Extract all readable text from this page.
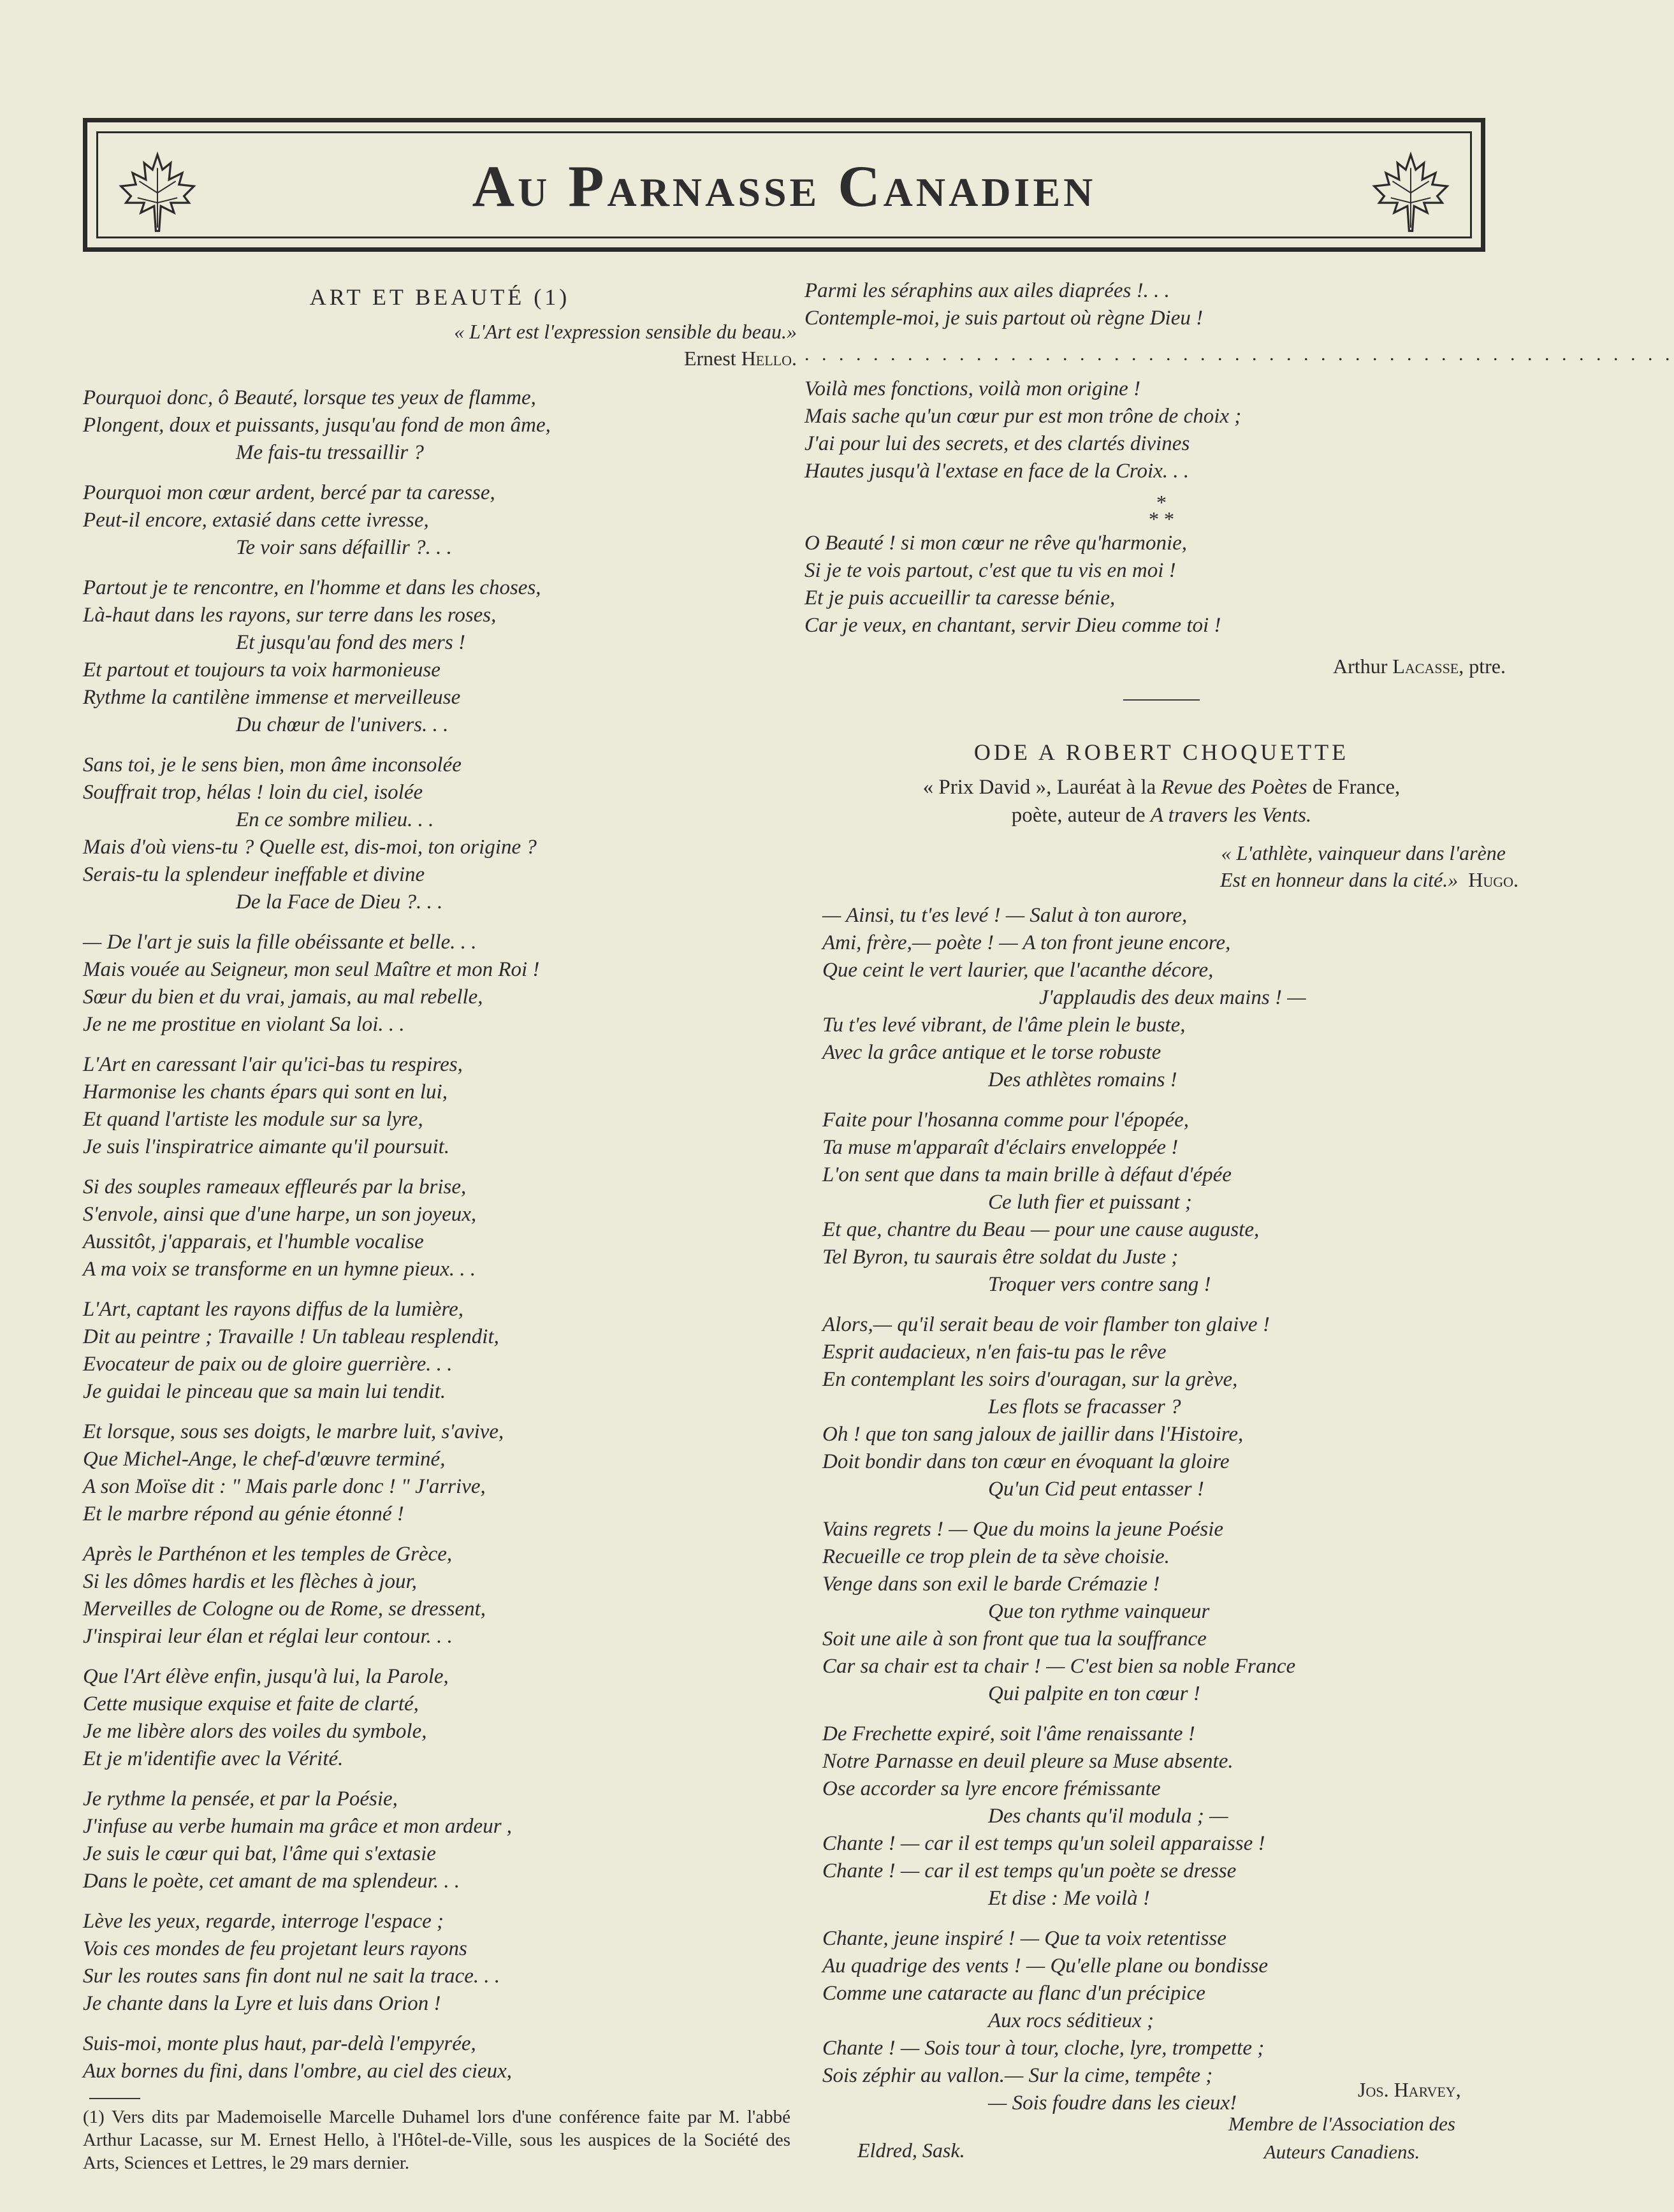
Au Parnasse Canadien
ART ET BEAUTÉ (1)
« L'Art est l'expression sensible du beau.»
Ernest Hello.
Pourquoi donc, ô Beauté, lorsque tes yeux de flamme,
Plongent, doux et puissants, jusqu'au fond de mon âme,
Me fais-tu tressaillir ?
Pourquoi mon cœur ardent, bercé par ta caresse,
Peut-il encore, extasié dans cette ivresse,
Te voir sans défaillir ?. . .
Partout je te rencontre, en l'homme et dans les choses,
Là-haut dans les rayons, sur terre dans les roses,
Et jusqu'au fond des mers !
Et partout et toujours ta voix harmonieuse
Rythme la cantilène immense et merveilleuse
Du chœur de l'univers. . .
Sans toi, je le sens bien, mon âme inconsolée
Souffrait trop, hélas ! loin du ciel, isolée
En ce sombre milieu. . .
Mais d'où viens-tu ? Quelle est, dis-moi, ton origine ?
Serais-tu la splendeur ineffable et divine
De la Face de Dieu ?. . .
— De l'art je suis la fille obéissante et belle. . .
Mais vouée au Seigneur, mon seul Maître et mon Roi !
Sœur du bien et du vrai, jamais, au mal rebelle,
Je ne me prostitue en violant Sa loi. . .
L'Art en caressant l'air qu'ici-bas tu respires,
Harmonise les chants épars qui sont en lui,
Et quand l'artiste les module sur sa lyre,
Je suis l'inspiratrice aimante qu'il poursuit.
Si des souples rameaux effleurés par la brise,
S'envole, ainsi que d'une harpe, un son joyeux,
Aussitôt, j'apparais, et l'humble vocalise
A ma voix se transforme en un hymne pieux. . .
L'Art, captant les rayons diffus de la lumière,
Dit au peintre ; Travaille ! Un tableau resplendit,
Evocateur de paix ou de gloire guerrière. . .
Je guidai le pinceau que sa main lui tendit.
Et lorsque, sous ses doigts, le marbre luit, s'avive,
Que Michel-Ange, le chef-d'œuvre terminé,
A son Moïse dit : " Mais parle donc ! " J'arrive,
Et le marbre répond au génie étonné !
Après le Parthénon et les temples de Grèce,
Si les dômes hardis et les flèches à jour,
Merveilles de Cologne ou de Rome, se dressent,
J'inspirai leur élan et réglai leur contour. . .
Que l'Art élève enfin, jusqu'à lui, la Parole,
Cette musique exquise et faite de clarté,
Je me libère alors des voiles du symbole,
Et je m'identifie avec la Vérité.
Je rythme la pensée, et par la Poésie,
J'infuse au verbe humain ma grâce et mon ardeur ,
Je suis le cœur qui bat, l'âme qui s'extasie
Dans le poète, cet amant de ma splendeur. . .
Lève les yeux, regarde, interroge l'espace ;
Vois ces mondes de feu projetant leurs rayons
Sur les routes sans fin dont nul ne sait la trace. . .
Je chante dans la Lyre et luis dans Orion !
Suis-moi, monte plus haut, par-delà l'empyrée,
Aux bornes du fini, dans l'ombre, au ciel des cieux,
(1) Vers dits par Mademoiselle Marcelle Duhamel lors d'une conférence faite par M. l'abbé Arthur Lacasse, sur M. Ernest Hello, à l'Hôtel-de-Ville, sous les auspices de la Société des Arts, Sciences et Lettres, le 29 mars dernier.
Parmi les séraphins aux ailes diaprées !. . .
Contemple-moi, je suis partout où règne Dieu !
. . . . . . . . . . . . . . . . . . . . . . . . . . . . . . . . . . . . . . . . . . . . . . . . . . .
Voilà mes fonctions, voilà mon origine !
Mais sache qu'un cœur pur est mon trône de choix ;
J'ai pour lui des secrets, et des clartés divines
Hautes jusqu'à l'extase en face de la Croix. . .
*
* *
O Beauté ! si mon cœur ne rêve qu'harmonie,
Si je te vois partout, c'est que tu vis en moi !
Et je puis accueillir ta caresse bénie,
Car je veux, en chantant, servir Dieu comme toi !
Arthur Lacasse, ptre.
ODE A ROBERT CHOQUETTE
« Prix David », Lauréat à la Revue des Poètes de France,
poète, auteur de A travers les Vents.
« L'athlète, vainqueur dans l'arène
Est en honneur dans la cité.» Hugo.
— Ainsi, tu t'es levé ! — Salut à ton aurore,
Ami, frère,— poète ! — A ton front jeune encore,
Que ceint le vert laurier, que l'acanthe décore,
J'applaudis des deux mains ! —
Tu t'es levé vibrant, de l'âme plein le buste,
Avec la grâce antique et le torse robuste
Des athlètes romains !
Faite pour l'hosanna comme pour l'épopée,
Ta muse m'apparaît d'éclairs enveloppée !
L'on sent que dans ta main brille à défaut d'épée
Ce luth fier et puissant ;
Et que, chantre du Beau — pour une cause auguste,
Tel Byron, tu saurais être soldat du Juste ;
Troquer vers contre sang !
Alors,— qu'il serait beau de voir flamber ton glaive !
Esprit audacieux, n'en fais-tu pas le rêve
En contemplant les soirs d'ouragan, sur la grève,
Les flots se fracasser ?
Oh ! que ton sang jaloux de jaillir dans l'Histoire,
Doit bondir dans ton cœur en évoquant la gloire
Qu'un Cid peut entasser !
Vains regrets ! — Que du moins la jeune Poésie
Recueille ce trop plein de ta sève choisie.
Venge dans son exil le barde Crémazie !
Que ton rythme vainqueur
Soit une aile à son front que tua la souffrance
Car sa chair est ta chair ! — C'est bien sa noble France
Qui palpite en ton cœur !
De Frechette expiré, soit l'âme renaissante !
Notre Parnasse en deuil pleure sa Muse absente.
Ose accorder sa lyre encore frémissante
Des chants qu'il modula ; —
Chante ! — car il est temps qu'un soleil apparaisse !
Chante ! — car il est temps qu'un poète se dresse
Et dise : Me voilà !
Chante, jeune inspiré ! — Que ta voix retentisse
Au quadrige des vents ! — Qu'elle plane ou bondisse
Comme une cataracte au flanc d'un précipice
Aux rocs séditieux ;
Chante ! — Sois tour à tour, cloche, lyre, trompette ;
Sois zéphir au vallon.— Sur la cime, tempête ;
— Sois foudre dans les cieux!
Jos. Harvey,
Membre de l'Association des
Auteurs Canadiens.
Eldred, Sask.
